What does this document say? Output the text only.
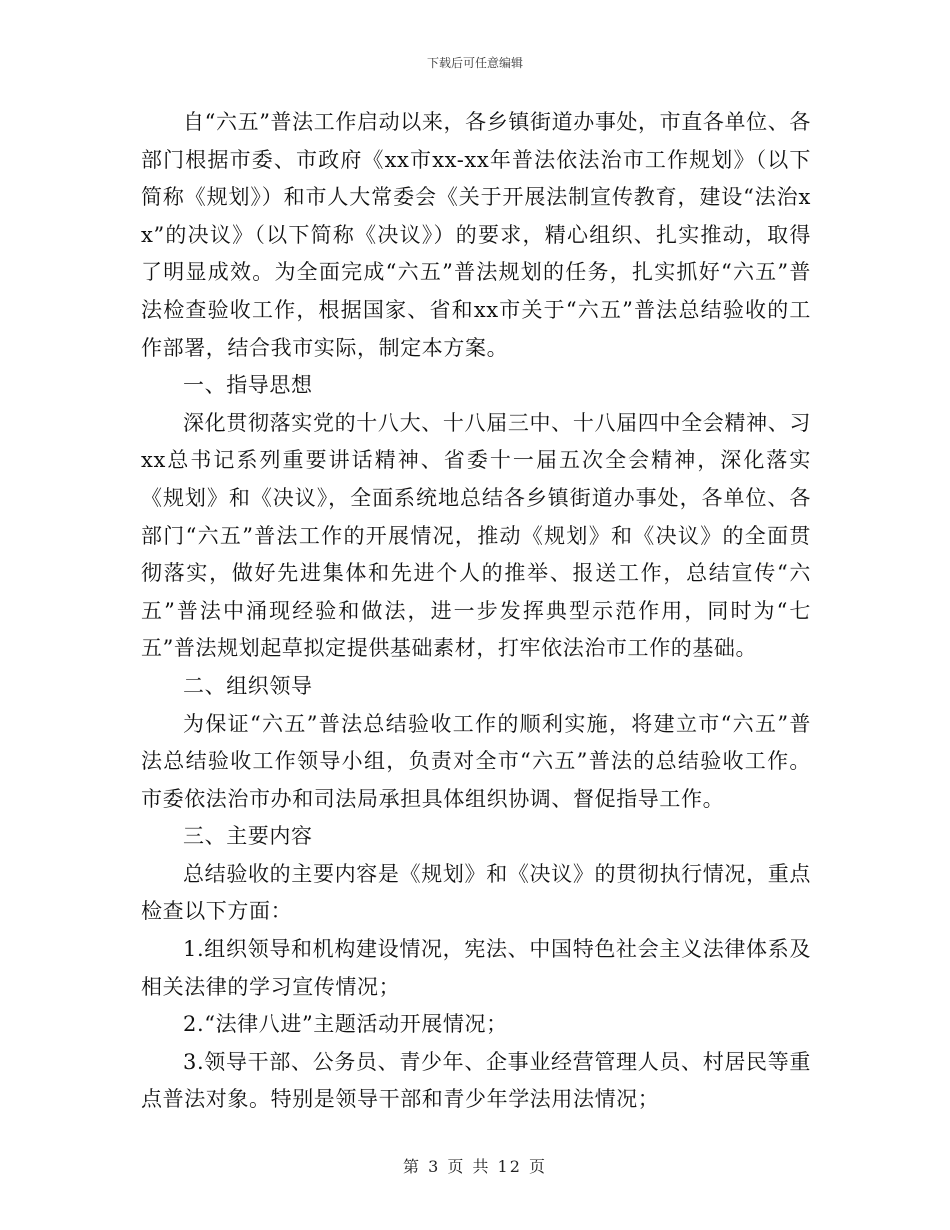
下载后可任意编辑

自“六五”普法工作启动以来，各乡镇街道办事处，市直各单位、各部门根据市委、市政府《xx市xx-xx年普法依法治市工作规划》（以下简称《规划》）和市人大常委会《关于开展法制宣传教育，建设“法治xx”的决议》（以下简称《决议》）的要求，精心组织、扎实推动，取得了明显成效。为全面完成“六五”普法规划的任务，扎实抓好“六五”普法检查验收工作，根据国家、省和xx市关于“六五”普法总结验收的工作部署，结合我市实际，制定本方案。

一、指导思想

深化贯彻落实党的十八大、十八届三中、十八届四中全会精神、习xx总书记系列重要讲话精神、省委十一届五次全会精神，深化落实《规划》和《决议》，全面系统地总结各乡镇街道办事处，各单位、各部门“六五”普法工作的开展情况，推动《规划》和《决议》的全面贯彻落实，做好先进集体和先进个人的推举、报送工作，总结宣传“六五”普法中涌现经验和做法，进一步发挥典型示范作用，同时为“七五”普法规划起草拟定提供基础素材，打牢依法治市工作的基础。

二、组织领导

为保证“六五”普法总结验收工作的顺利实施，将建立市“六五”普法总结验收工作领导小组，负责对全市“六五”普法的总结验收工作。市委依法治市办和司法局承担具体组织协调、督促指导工作。

三、主要内容

总结验收的主要内容是《规划》和《决议》的贯彻执行情况，重点检查以下方面：

1.组织领导和机构建设情况，宪法、中国特色社会主义法律体系及相关法律的学习宣传情况；

2.“法律八进”主题活动开展情况；

3.领导干部、公务员、青少年、企事业经营管理人员、村居民等重点普法对象。特别是领导干部和青少年学法用法情况；

第 3 页 共 12 页
